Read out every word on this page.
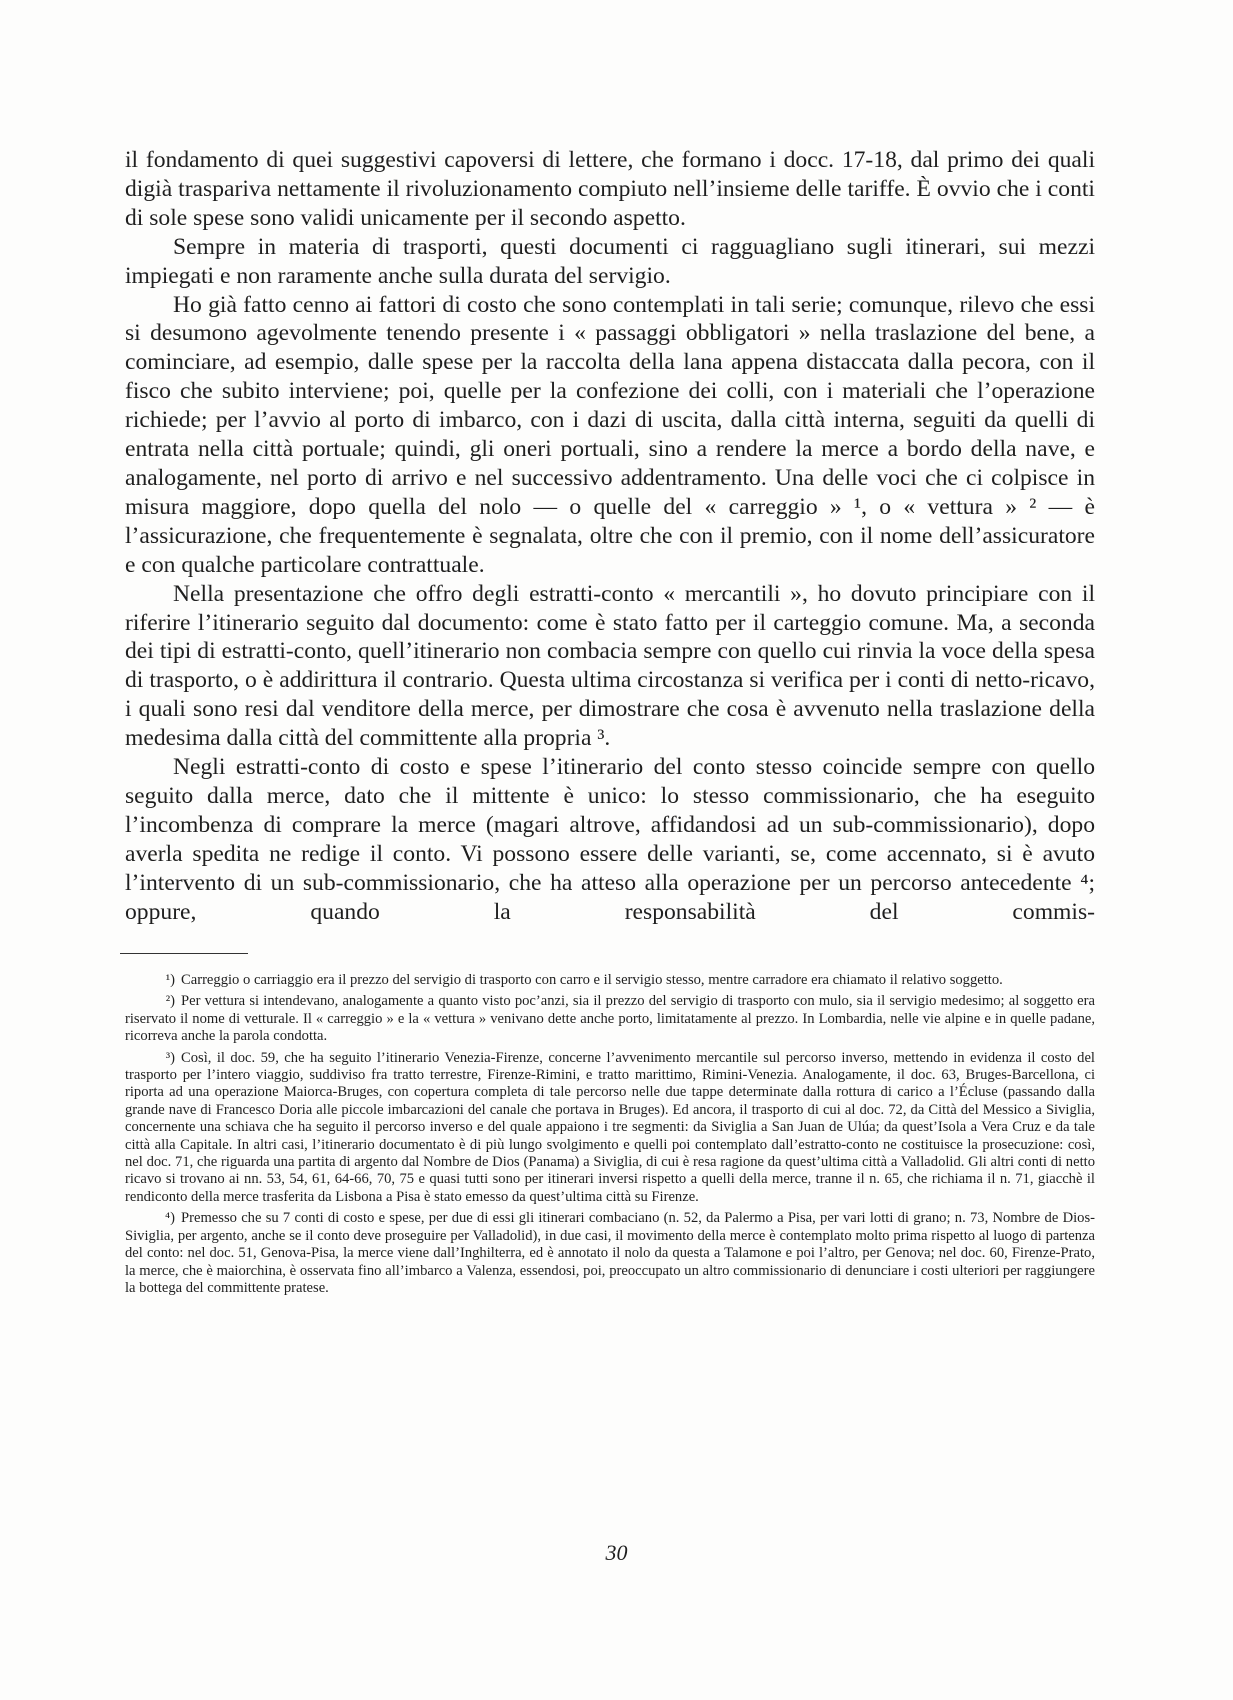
il fondamento di quei suggestivi capoversi di lettere, che formano i docc. 17-18, dal primo dei quali digià traspariva nettamente il rivoluzionamento compiuto nell’insieme delle tariffe. È ovvio che i conti di sole spese sono validi unicamente per il secondo aspetto.

Sempre in materia di trasporti, questi documenti ci ragguagliano sugli itinerari, sui mezzi impiegati e non raramente anche sulla durata del servigio.

Ho già fatto cenno ai fattori di costo che sono contemplati in tali serie; comunque, rilevo che essi si desumono agevolmente tenendo presente i « passaggi obbligatori » nella traslazione del bene, a cominciare, ad esempio, dalle spese per la raccolta della lana appena distaccata dalla pecora, con il fisco che subito interviene; poi, quelle per la confezione dei colli, con i materiali che l’operazione richiede; per l’avvio al porto di imbarco, con i dazi di uscita, dalla città interna, seguiti da quelli di entrata nella città portuale; quindi, gli oneri portuali, sino a rendere la merce a bordo della nave, e analogamente, nel porto di arrivo e nel successivo addentramento. Una delle voci che ci colpisce in misura maggiore, dopo quella del nolo — o quelle del « carreggio » ¹, o « vettura » ² — è l’assicurazione, che frequentemente è segnalata, oltre che con il premio, con il nome dell’assicuratore e con qualche particolare contrattuale.

Nella presentazione che offro degli estratti-conto « mercantili », ho dovuto principiare con il riferire l’itinerario seguito dal documento: come è stato fatto per il carteggio comune. Ma, a seconda dei tipi di estratti-conto, quell’itinerario non combacia sempre con quello cui rinvia la voce della spesa di trasporto, o è addirittura il contrario. Questa ultima circostanza si verifica per i conti di netto-ricavo, i quali sono resi dal venditore della merce, per dimostrare che cosa è avvenuto nella traslazione della medesima dalla città del committente alla propria ³.

Negli estratti-conto di costo e spese l’itinerario del conto stesso coincide sempre con quello seguito dalla merce, dato che il mittente è unico: lo stesso commissionario, che ha eseguito l’incombenza di comprare la merce (magari altrove, affidandosi ad un sub-commissionario), dopo averla spedita ne redige il conto. Vi possono essere delle varianti, se, come accennato, si è avuto l’intervento di un sub-commissionario, che ha atteso alla operazione per un percorso antecedente ⁴; oppure, quando la responsabilità del commis-

¹) Carreggio o carriaggio era il prezzo del servigio di trasporto con carro e il servigio stesso, mentre carradore era chiamato il relativo soggetto.

²) Per vettura si intendevano, analogamente a quanto visto poc’anzi, sia il prezzo del servigio di trasporto con mulo, sia il servigio medesimo; al soggetto era riservato il nome di vetturale. Il « carreggio » e la « vettura » venivano dette anche porto, limitatamente al prezzo. In Lombardia, nelle vie alpine e in quelle padane, ricorreva anche la parola condotta.

³) Così, il doc. 59, che ha seguito l’itinerario Venezia-Firenze, concerne l’avvenimento mercantile sul percorso inverso, mettendo in evidenza il costo del trasporto per l’intero viaggio, suddiviso fra tratto terrestre, Firenze-Rimini, e tratto marittimo, Rimini-Venezia. Analogamente, il doc. 63, Bruges-Barcellona, ci riporta ad una operazione Maiorca-Bruges, con copertura completa di tale percorso nelle due tappe determinate dalla rottura di carico a l’Écluse (passando dalla grande nave di Francesco Doria alle piccole imbarcazioni del canale che portava in Bruges). Ed ancora, il trasporto di cui al doc. 72, da Città del Messico a Siviglia, concernente una schiava che ha seguito il percorso inverso e del quale appaiono i tre segmenti: da Siviglia a San Juan de Ulúa; da quest’Isola a Vera Cruz e da tale città alla Capitale. In altri casi, l’itinerario documentato è di più lungo svolgimento e quelli poi contemplato dall’estratto-conto ne costituisce la prosecuzione: così, nel doc. 71, che riguarda una partita di argento dal Nombre de Dios (Panama) a Siviglia, di cui è resa ragione da quest’ultima città a Valladolid. Gli altri conti di netto ricavo si trovano ai nn. 53, 54, 61, 64-66, 70, 75 e quasi tutti sono per itinerari inversi rispetto a quelli della merce, tranne il n. 65, che richiama il n. 71, giacchè il rendiconto della merce trasferita da Lisbona a Pisa è stato emesso da quest’ultima città su Firenze.

⁴) Premesso che su 7 conti di costo e spese, per due di essi gli itinerari combaciano (n. 52, da Palermo a Pisa, per vari lotti di grano; n. 73, Nombre de Dios-Siviglia, per argento, anche se il conto deve proseguire per Valladolid), in due casi, il movimento della merce è contemplato molto prima rispetto al luogo di partenza del conto: nel doc. 51, Genova-Pisa, la merce viene dall’Inghilterra, ed è annotato il nolo da questa a Talamone e poi l’altro, per Genova; nel doc. 60, Firenze-Prato, la merce, che è maiorchina, è osservata fino all’imbarco a Valenza, essendosi, poi, preoccupato un altro commissionario di denunciare i costi ulteriori per raggiungere la bottega del committente pratese.

30
